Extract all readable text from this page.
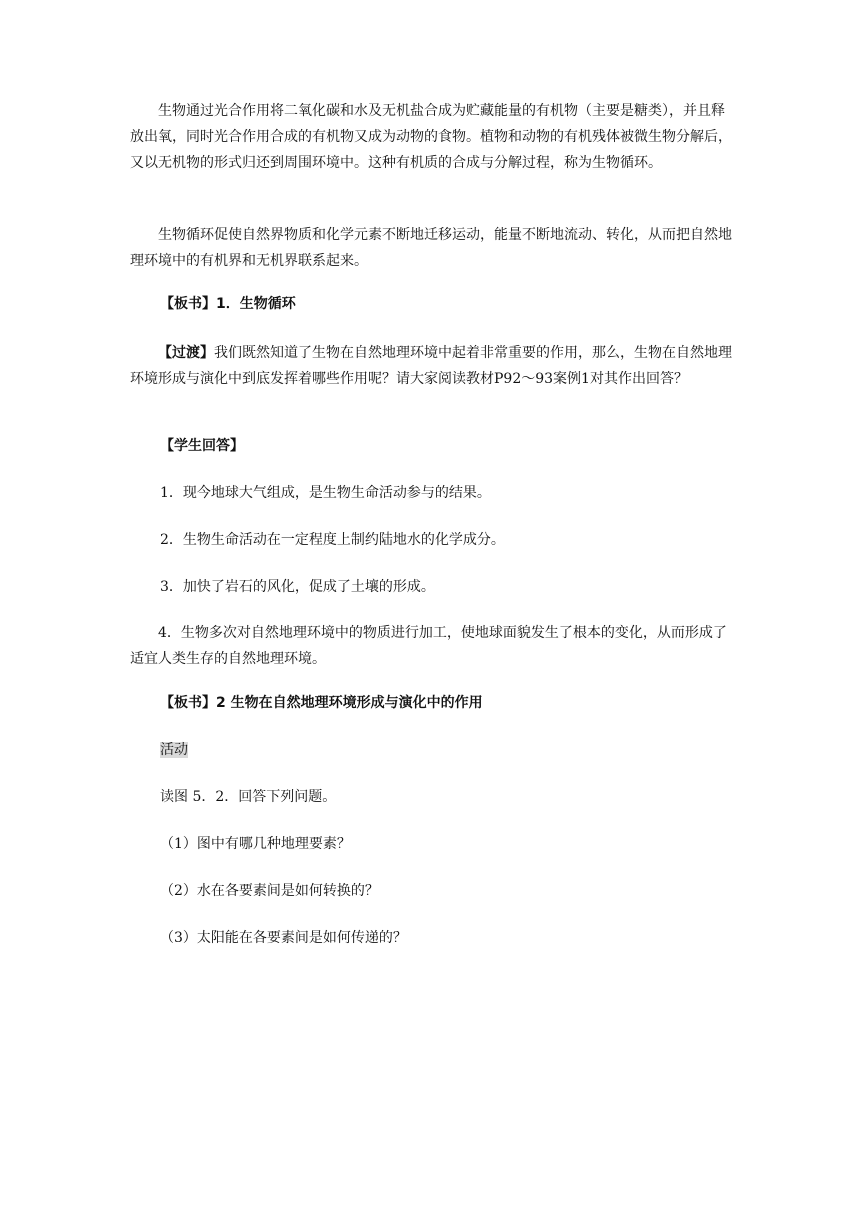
生物通过光合作用将二氧化碳和水及无机盐合成为贮藏能量的有机物（主要是糖类），并且释放出氧，同时光合作用合成的有机物又成为动物的食物。植物和动物的有机残体被微生物分解后，又以无机物的形式归还到周围环境中。这种有机质的合成与分解过程，称为生物循环。

生物循环促使自然界物质和化学元素不断地迁移运动，能量不断地流动、转化，从而把自然地理环境中的有机界和无机界联系起来。

【板书】1．生物循环

【过渡】我们既然知道了生物在自然地理环境中起着非常重要的作用，那么，生物在自然地理环境形成与演化中到底发挥着哪些作用呢？请大家阅读教材P92～93案例1对其作出回答？

【学生回答】

1．现今地球大气组成，是生物生命活动参与的结果。

2．生物生命活动在一定程度上制约陆地水的化学成分。

3．加快了岩石的风化，促成了土壤的形成。

4．生物多次对自然地理环境中的物质进行加工，使地球面貌发生了根本的变化，从而形成了适宜人类生存的自然地理环境。

【板书】2 生物在自然地理环境形成与演化中的作用

活动

读图 5．2．回答下列问题。

（1）图中有哪几种地理要素？

（2）水在各要素间是如何转换的？

（3）太阳能在各要素间是如何传递的？
